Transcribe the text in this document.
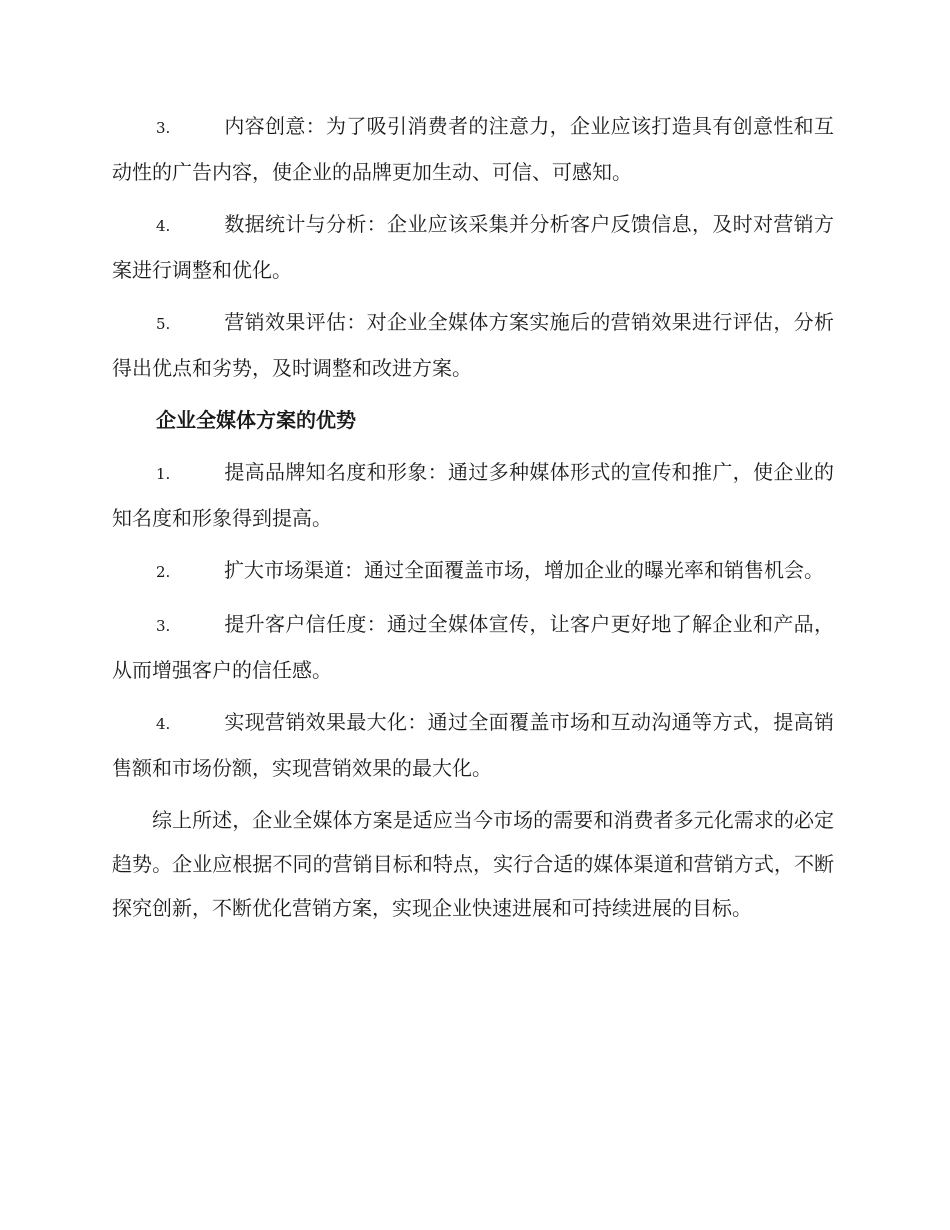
3.	内容创意：为了吸引消费者的注意力，企业应该打造具有创意性和互动性的广告内容，使企业的品牌更加生动、可信、可感知。

4.	数据统计与分析：企业应该采集并分析客户反馈信息，及时对营销方案进行调整和优化。

5.	营销效果评估：对企业全媒体方案实施后的营销效果进行评估，分析得出优点和劣势，及时调整和改进方案。

企业全媒体方案的优势

1.	提高品牌知名度和形象：通过多种媒体形式的宣传和推广，使企业的知名度和形象得到提高。

2.	扩大市场渠道：通过全面覆盖市场，增加企业的曝光率和销售机会。

3.	提升客户信任度：通过全媒体宣传，让客户更好地了解企业和产品，从而增强客户的信任感。

4.	实现营销效果最大化：通过全面覆盖市场和互动沟通等方式，提高销售额和市场份额，实现营销效果的最大化。

综上所述，企业全媒体方案是适应当今市场的需要和消费者多元化需求的必定趋势。企业应根据不同的营销目标和特点，实行合适的媒体渠道和营销方式，不断探究创新，不断优化营销方案，实现企业快速进展和可持续进展的目标。
